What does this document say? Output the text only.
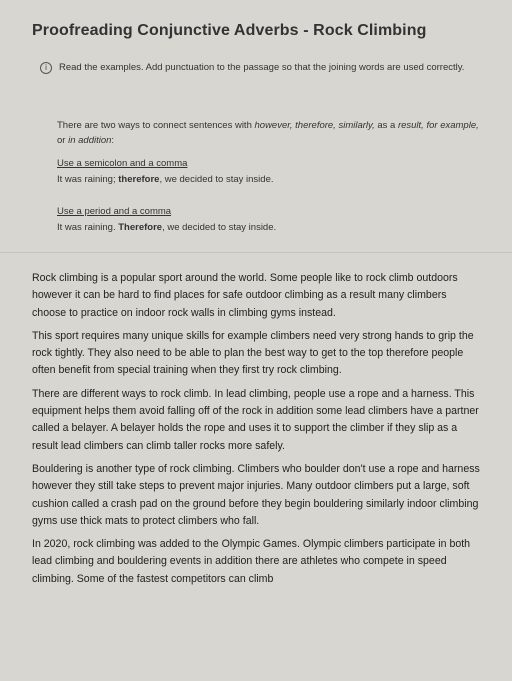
Proofreading Conjunctive Adverbs - Rock Climbing
i	Read the examples. Add punctuation to the passage so that the joining words are used correctly.
There are two ways to connect sentences with however, therefore, similarly, as a result, for example, or in addition:
Use a semicolon and a comma
It was raining; therefore, we decided to stay inside.
Use a period and a comma
It was raining. Therefore, we decided to stay inside.

Rock climbing is a popular sport around the world. Some people like to rock climb outdoors however it can be hard to find places for safe outdoor climbing as a result many climbers choose to practice on indoor rock walls in climbing gyms instead.

This sport requires many unique skills for example climbers need very strong hands to grip the rock tightly. They also need to be able to plan the best way to get to the top therefore people often benefit from special training when they first try rock climbing.

There are different ways to rock climb. In lead climbing, people use a rope and a harness. This equipment helps them avoid falling off of the rock in addition some lead climbers have a partner called a belayer. A belayer holds the rope and uses it to support the climber if they slip as a result lead climbers can climb taller rocks more safely.

Bouldering is another type of rock climbing. Climbers who boulder don't use a rope and harness however they still take steps to prevent major injuries. Many outdoor climbers put a large, soft cushion called a crash pad on the ground before they begin bouldering similarly indoor climbing gyms use thick mats to protect climbers who fall.

In 2020, rock climbing was added to the Olympic Games. Olympic climbers participate in both lead climbing and bouldering events in addition there are athletes who compete in speed climbing. Some of the fastest competitors can climb
